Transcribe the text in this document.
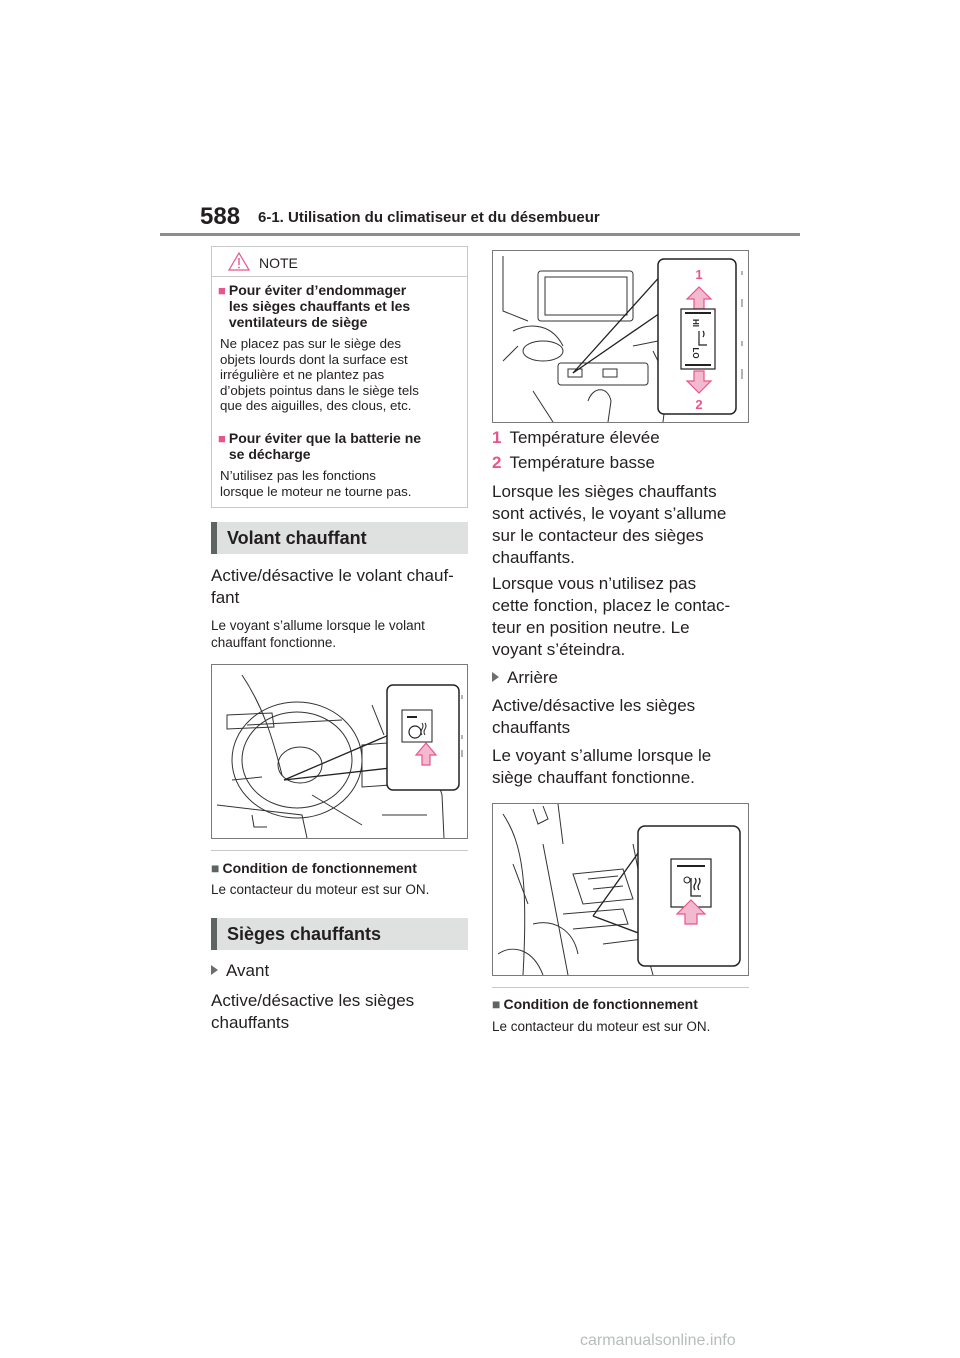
588 6-1. Utilisation du climatiseur et du désembueur
NOTE
■ Pour éviter d’endommager
les sièges chauffants et les
ventilateurs de siège
Ne placez pas sur le siège des
objets lourds dont la surface est
irrégulière et ne plantez pas
d’objets pointus dans le siège tels
que des aiguilles, des clous, etc.
■ Pour éviter que la batterie ne
se décharge
N’utilisez pas les fonctions
lorsque le moteur ne tourne pas.
Volant chauffant
Active/désactive le volant chauf-
fant
Le voyant s’allume lorsque le volant
chauffant fonctionne.
■ Condition de fonctionnement
Le contacteur du moteur est sur ON.
Sièges chauffants
Avant
Active/désactive les sièges
chauffants
1
HI
LO
2
1 Température élevée
2 Température basse
Lorsque les sièges chauffants
sont activés, le voyant s’allume
sur le contacteur des sièges
chauffants.
Lorsque vous n’utilisez pas
cette fonction, placez le contac-
teur en position neutre. Le
voyant s’éteindra.
Arrière
Active/désactive les sièges
chauffants
Le voyant s’allume lorsque le
siège chauffant fonctionne.
■ Condition de fonctionnement
Le contacteur du moteur est sur ON.
carmanualsonline.info
